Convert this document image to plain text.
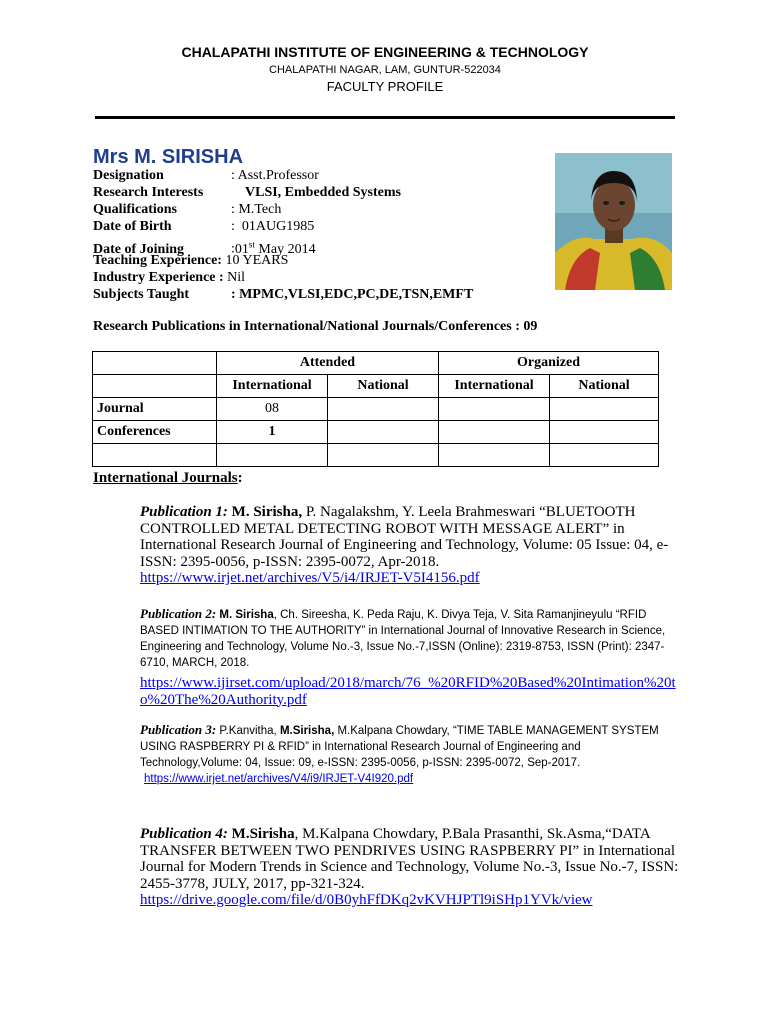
CHALAPATHI INSTITUTE OF ENGINEERING & TECHNOLOGY
CHALAPATHI NAGAR, LAM, GUNTUR-522034
FACULTY PROFILE
Mrs M. SIRISHA
Designation	: Asst.Professor
Research Interests	VLSI, Embedded Systems
Qualifications	: M.Tech
Date of Birth	:  01AUG1985
Date of Joining	:01st May 2014
Teaching Experience: 10 YEARS
Industry Experience : Nil
Subjects Taught	: MPMC,VLSI,EDC,PC,DE,TSN,EMFT
Research Publications in International/National Journals/Conferences : 09
	Attended		Organized	
	International	National	International	National
Journal	08			
Conferences	1			

International Journals:
Publication 1: M. Sirisha, P. Nagalakshm, Y. Leela Brahmeswari “BLUETOOTH CONTROLLED METAL DETECTING ROBOT WITH MESSAGE ALERT” in International Research Journal of Engineering and Technology, Volume: 05 Issue: 04, e-ISSN: 2395-0056, p-ISSN: 2395-0072, Apr-2018.
https://www.irjet.net/archives/V5/i4/IRJET-V5I4156.pdf
Publication 2: M. Sirisha, Ch. Sireesha, K. Peda Raju, K. Divya Teja, V. Sita Ramanjineyulu “RFID BASED INTIMATION TO THE AUTHORITY” in International Journal of Innovative Research in Science, Engineering and Technology, Volume No.-3, Issue No.-7,ISSN (Online): 2319-8753, ISSN (Print): 2347-6710, MARCH, 2018.
https://www.ijirset.com/upload/2018/march/76_%20RFID%20Based%20Intimation%20to%20The%20Authority.pdf
Publication 3: P.Kanvitha, M.Sirisha, M.Kalpana Chowdary, “TIME TABLE MANAGEMENT SYSTEM USING RASPBERRY PI & RFID” in International Research Journal of Engineering and Technology,Volume: 04, Issue: 09, e-ISSN: 2395-0056, p-ISSN: 2395-0072, Sep-2017.
https://www.irjet.net/archives/V4/i9/IRJET-V4I920.pdf
Publication 4: M.Sirisha, M.Kalpana Chowdary, P.Bala Prasanthi, Sk.Asma,“DATA TRANSFER BETWEEN TWO PENDRIVES USING RASPBERRY PI” in International Journal for Modern Trends in Science and Technology, Volume No.-3, Issue No.-7, ISSN: 2455-3778, JULY, 2017, pp-321-324.
https://drive.google.com/file/d/0B0yhFfDKq2vKVHJPTl9iSHp1YVk/view
